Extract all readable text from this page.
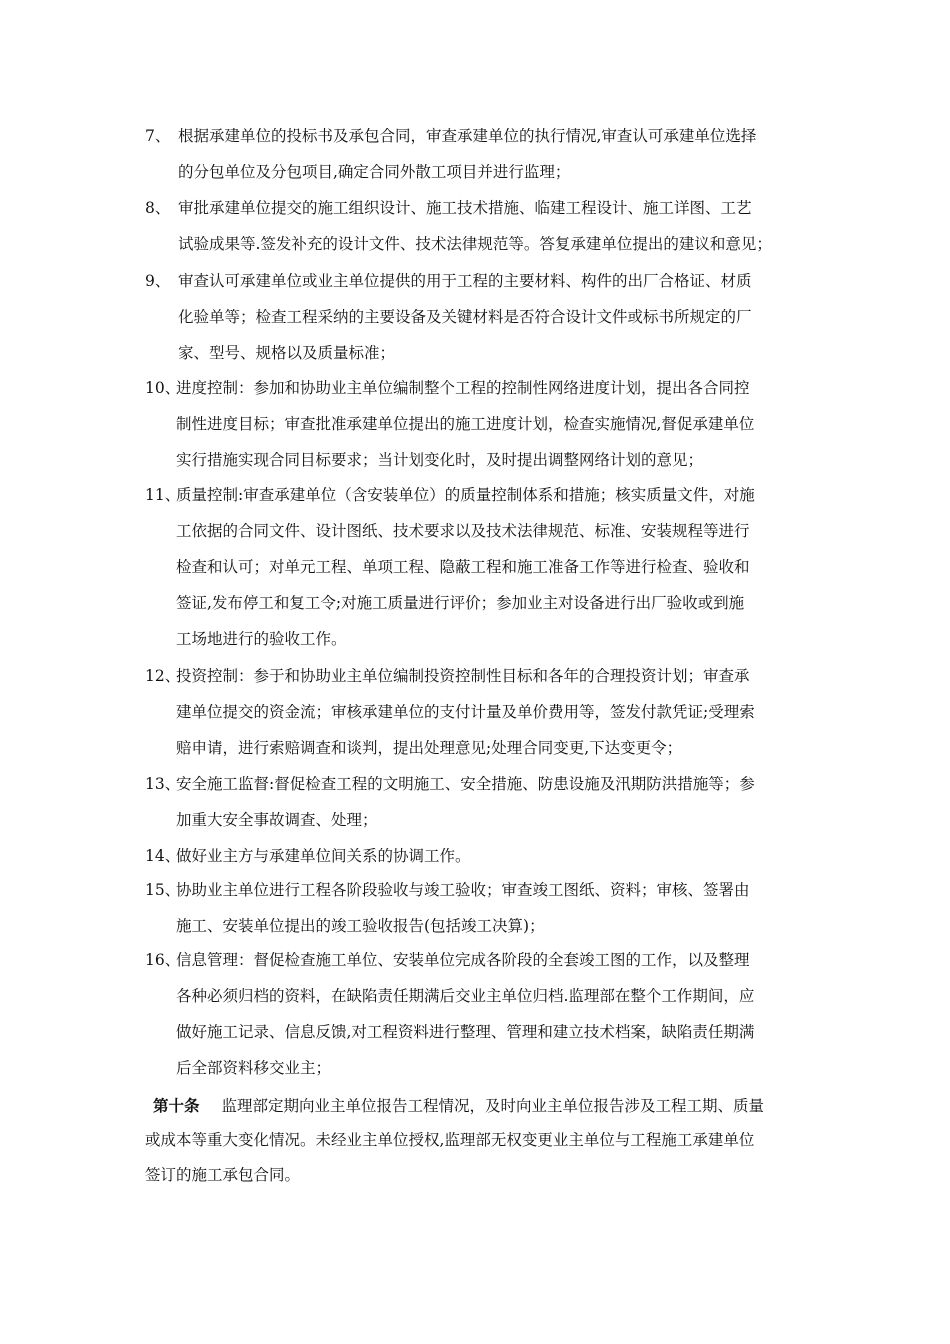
7、 根据承建单位的投标书及承包合同，审查承建单位的执行情况,审查认可承建单位选择
的分包单位及分包项目,确定合同外散工项目并进行监理；
8、 审批承建单位提交的施工组织设计、施工技术措施、临建工程设计、施工详图、工艺
试验成果等.签发补充的设计文件、技术法律规范等。答复承建单位提出的建议和意见；
9、 审查认可承建单位或业主单位提供的用于工程的主要材料、构件的出厂合格证、材质
化验单等；检查工程采纳的主要设备及关键材料是否符合设计文件或标书所规定的厂
家、型号、规格以及质量标准；
10、
进度控制：参加和协助业主单位编制整个工程的控制性网络进度计划，提出各合同控
制性进度目标；审查批准承建单位提出的施工进度计划，检查实施情况,督促承建单位
实行措施实现合同目标要求；当计划变化时，及时提出调整网络计划的意见；
11、
质量控制:审查承建单位（含安装单位）的质量控制体系和措施；核实质量文件，对施
工依据的合同文件、设计图纸、技术要求以及技术法律规范、标准、安装规程等进行
检查和认可；对单元工程、单项工程、隐蔽工程和施工准备工作等进行检查、验收和
签证,发布停工和复工令;对施工质量进行评价；参加业主对设备进行出厂验收或到施
工场地进行的验收工作。
12、
投资控制：参于和协助业主单位编制投资控制性目标和各年的合理投资计划；审查承
建单位提交的资金流；审核承建单位的支付计量及单价费用等，签发付款凭证;受理索
赔申请，进行索赔调查和谈判，提出处理意见;处理合同变更,下达变更令；
13、
安全施工监督:督促检查工程的文明施工、安全措施、防患设施及汛期防洪措施等；参
加重大安全事故调查、处理；
14、
做好业主方与承建单位间关系的协调工作。
15、
协助业主单位进行工程各阶段验收与竣工验收；审查竣工图纸、资料；审核、签署由
施工、安装单位提出的竣工验收报告(包括竣工决算)；
16、
信息管理：督促检查施工单位、安装单位完成各阶段的全套竣工图的工作，以及整理
各种必须归档的资料，在缺陷责任期满后交业主单位归档.监理部在整个工作期间，应
做好施工记录、信息反馈,对工程资料进行整理、管理和建立技术档案，缺陷责任期满
后全部资料移交业主；
第十条 监理部定期向业主单位报告工程情况，及时向业主单位报告涉及工程工期、质量
或成本等重大变化情况。未经业主单位授权,监理部无权变更业主单位与工程施工承建单位
签订的施工承包合同。
